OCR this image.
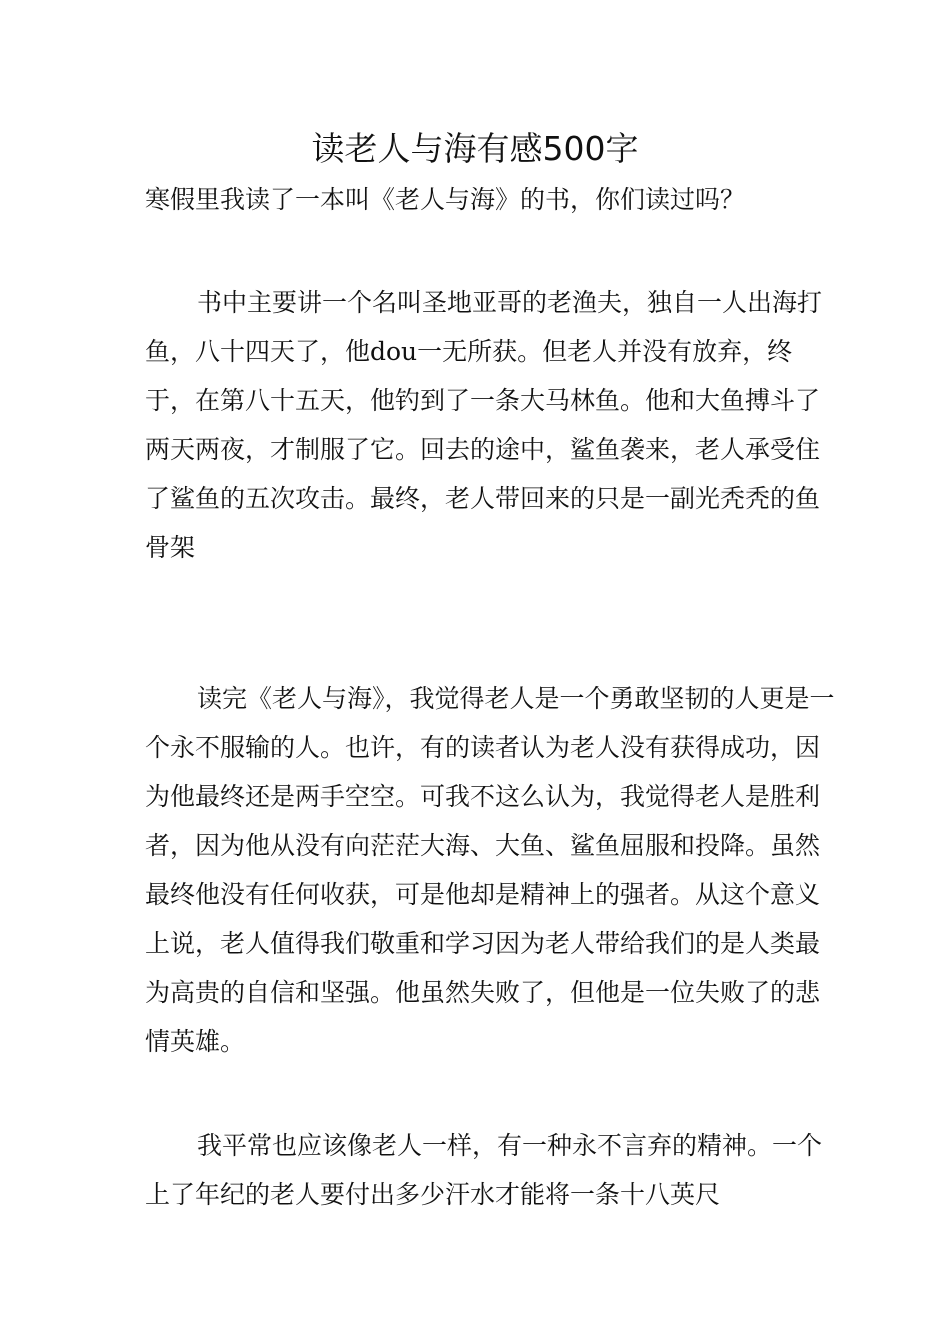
读老人与海有感500字

寒假里我读了一本叫《老人与海》的书，你们读过吗？

书中主要讲一个名叫圣地亚哥的老渔夫，独自一人出海打鱼，八十四天了，他dou一无所获。但老人并没有放弃，终于，在第八十五天，他钓到了一条大马林鱼。他和大鱼搏斗了两天两夜，才制服了它。回去的途中，鲨鱼袭来，老人承受住了鲨鱼的五次攻击。最终，老人带回来的只是一副光秃秃的鱼骨架

读完《老人与海》，我觉得老人是一个勇敢坚韧的人更是一个永不服输的人。也许，有的读者认为老人没有获得成功，因为他最终还是两手空空。可我不这么认为，我觉得老人是胜利者，因为他从没有向茫茫大海、大鱼、鲨鱼屈服和投降。虽然最终他没有任何收获，可是他却是精神上的强者。从这个意义上说，老人值得我们敬重和学习因为老人带给我们的是人类最为高贵的自信和坚强。他虽然失败了，但他是一位失败了的悲情英雄。

我平常也应该像老人一样，有一种永不言弃的精神。一个上了年纪的老人要付出多少汗水才能将一条十八英尺
